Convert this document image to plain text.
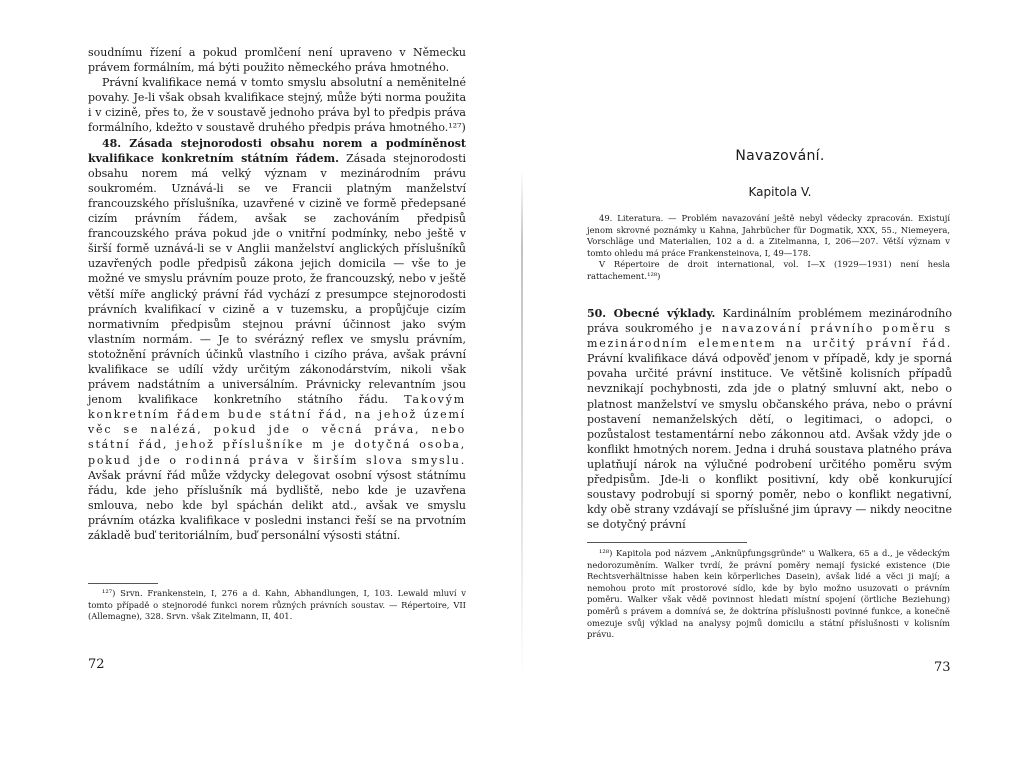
soudnímu řízení a pokud promlčení není upraveno v Německu právem formálním, má býti použito německého práva hmotného.

Právní kvalifikace nemá v tomto smyslu absolutní a neměnitelné povahy. Je-li však obsah kvalifikace stejný, může býti norma použita i v cizině, přes to, že v soustavě jednoho práva byl to předpis práva formálního, kdežto v soustavě druhého předpis práva hmotného.¹²⁷)

48. Zásada stejnorodosti obsahu norem a podmíněnost kvalifikace konkretním státním řádem. Zásada stejnorodosti obsahu norem má velký význam v mezinárodním právu soukromém. Uznává-li se ve Francii platným manželství francouzského příslušníka, uzavřené v cizině ve formě předepsané cizím právním řádem, avšak se zachováním předpisů francouzského práva pokud jde o vnitřní podmínky, nebo ještě v širší formě uznává-li se v Anglii manželství anglických příslušníků uzavřených podle předpisů zákona jejich domicila — vše to je možné ve smyslu právním pouze proto, že francouzský, nebo v ještě větší míře anglický právní řád vychází z presumpce stejnorodosti právních kvalifikací v cizině a v tuzemsku, a propůjčuje cizím normativním předpisům stejnou právní účinnost jako svým vlastním normám. — Je to svérázný reflex ve smyslu právním, stotožnění právních účinků vlastního i cizího práva, avšak právní kvalifikace se udílí vždy určitým zákonodárstvím, nikoli však právem nadstátním a universálním. Právnicky relevantním jsou jenom kvalifikace konkretního státního řádu. Takovým konkretním řádem bude státní řád, na jehož území věc se nalézá, pokud jde o věcná práva, nebo státní řád, jehož příslušníke m je dotyčná osoba, pokud jde o rodinná práva v širším slova smyslu. Avšak právní řád může vždycky delegovat osobní výsost státnímu řádu, kde jeho příslušník má bydliště, nebo kde je uzavřena smlouva, nebo kde byl spáchán delikt atd., avšak ve smyslu právním otázka kvalifikace v posledni instanci řeší se na prvotním základě buď teritoriálním, buď personální výsosti státní.

¹²⁷) Srvn. Frankenstein, I, 276 a d. Kahn, Abhandlungen, I, 103. Lewald mluví v tomto případě o stejnorodé funkci norem různých právních soustav. — Répertoire, VII (Allemagne), 328. Srvn. však Zitelmann, II, 401.

72
Navazování.
Kapitola V.

49. Literatura. — Problém navazování ještě nebyl vědecky zpracován. Existují jenom skrovné poznámky u Kahna, Jahrbücher für Dogmatik, XXX, 55., Niemeyera, Vorschläge und Materialien, 102 a d. a Zitelmanna, I, 206—207. Větší význam v tomto ohledu má práce Frankensteinova, I, 49—178.

V Répertoire de droit international, vol. I—X (1929—1931) není hesla rattachement.¹²⁸)

50. Obecné výklady. Kardinálním problémem mezinárodního práva soukromého je navazování právního poměru s mezinárodním elementem na určitý právní řád. Právní kvalifikace dává odpověď jenom v případě, kdy je sporná povaha určité právní instituce. Ve většině kolisních případů nevznikají pochybnosti, zda jde o platný smluvní akt, nebo o platnost manželství ve smyslu občanského práva, nebo o právní postavení nemanželských dětí, o legitimaci, o adopci, o pozůstalost testamentární nebo zákonnou atd. Avšak vždy jde o konflikt hmotných norem. Jedna i druhá soustava platného práva uplatňují nárok na výlučné podrobení určitého poměru svým předpisům. Jde-li o konflikt positivní, kdy obě konkurující soustavy podrobují si sporný poměr, nebo o konflikt negativní, kdy obě strany vzdávají se příslušné jim úpravy — nikdy neocitne se dotyčný právní

¹²⁸) Kapitola pod názvem „Anknüpfungsgründe" u Walkera, 65 a d., je vědeckým nedorozuměním. Walker tvrdí, že právní poměry nemají fysické existence (Die Rechtsverhältnisse haben kein körperliches Dasein), avšak lidé a věci ji mají; a nemohou proto mít prostorové sídlo, kde by bylo možno usuzovati o právním poměru. Walker však vědě povinnost hledati místní spojení (örtliche Beziehung) poměrů s právem a domnívá se, že doktrína příslušnosti povinné funkce, a konečně omezuje svůj výklad na analysy pojmů domicilu a státní příslušnosti v kolisním právu.

73
